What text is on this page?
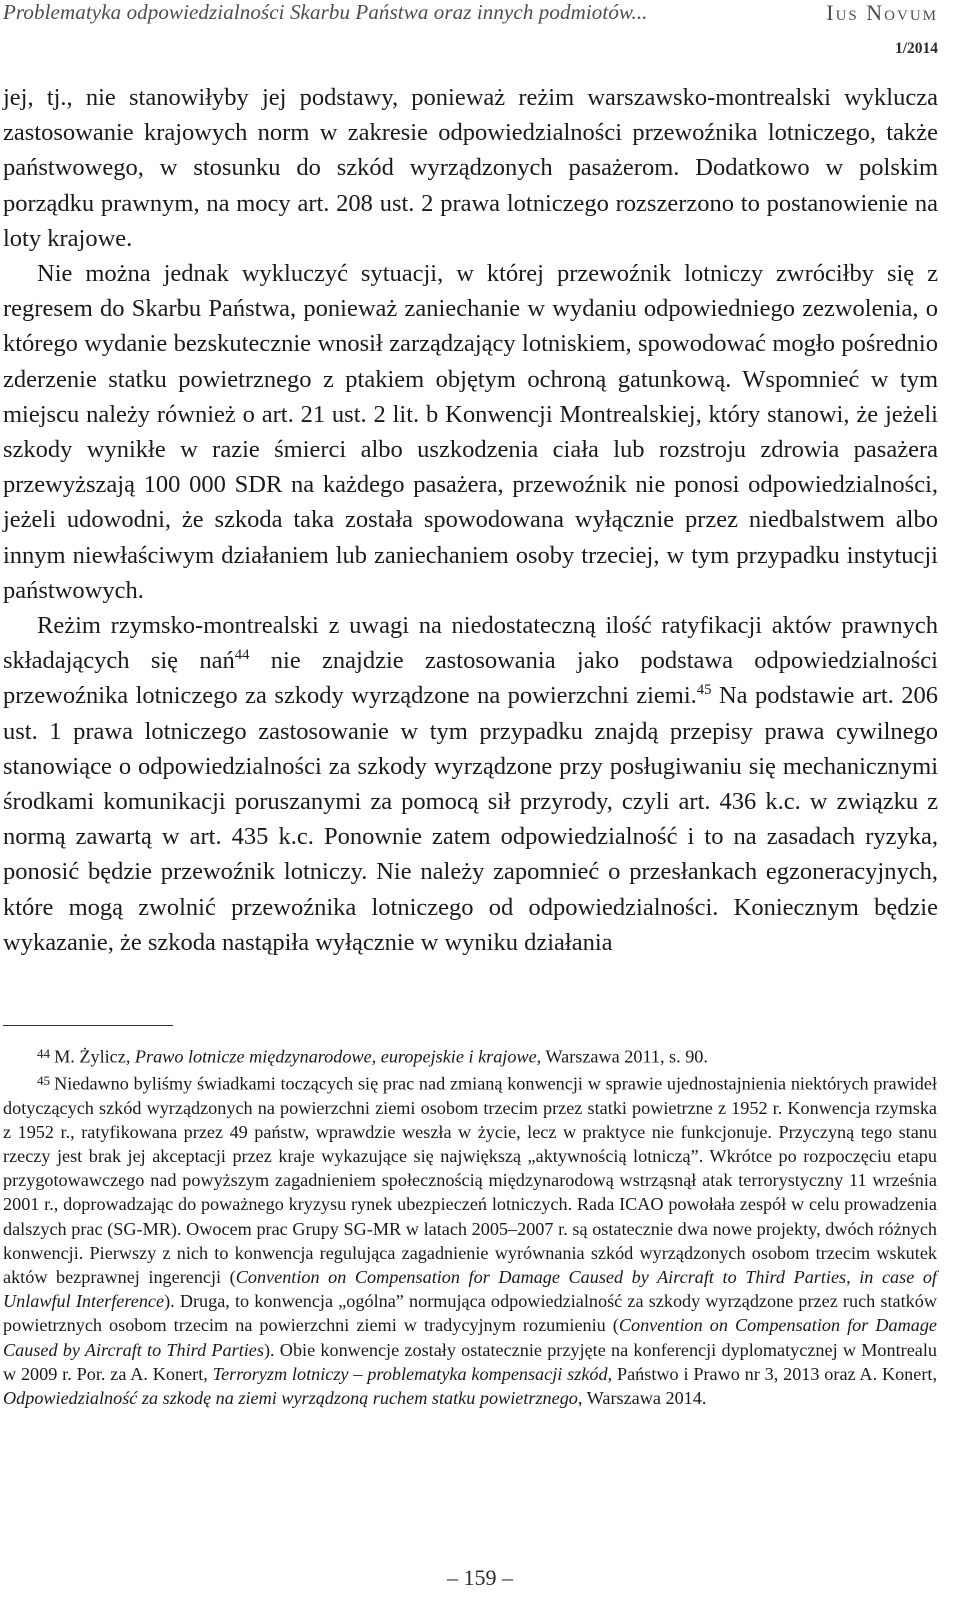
Problematyka odpowiedzialności Skarbu Państwa oraz innych podmiotów...	Ius Novum
1/2014

jej, tj., nie stanowiłyby jej podstawy, ponieważ reżim warszawsko-montrealski wyklucza zastosowanie krajowych norm w zakresie odpowiedzialności przewoźnika lotniczego, także państwowego, w stosunku do szkód wyrządzonych pasażerom. Dodatkowo w polskim porządku prawnym, na mocy art. 208 ust. 2 prawa lotniczego rozszerzono to postanowienie na loty krajowe.

Nie można jednak wykluczyć sytuacji, w której przewoźnik lotniczy zwróciłby się z regresem do Skarbu Państwa, ponieważ zaniechanie w wydaniu odpowiedniego zezwolenia, o którego wydanie bezskutecznie wnosił zarządzający lotniskiem, spowodować mogło pośrednio zderzenie statku powietrznego z ptakiem objętym ochroną gatunkową. Wspomnieć w tym miejscu należy również o art. 21 ust. 2 lit. b Konwencji Montrealskiej, który stanowi, że jeżeli szkody wynikłe w razie śmierci albo uszkodzenia ciała lub rozstroju zdrowia pasażera przewyższają 100 000 SDR na każdego pasażera, przewoźnik nie ponosi odpowiedzialności, jeżeli udowodni, że szkoda taka została spowodowana wyłącznie przez niedbalstwem albo innym niewłaściwym działaniem lub zaniechaniem osoby trzeciej, w tym przypadku instytucji państwowych.

Reżim rzymsko-montrealski z uwagi na niedostateczną ilość ratyfikacji aktów prawnych składających się nań$^{44}$ nie znajdzie zastosowania jako podstawa odpowiedzialności przewoźnika lotniczego za szkody wyrządzone na powierzchni ziemi.$^{45}$ Na podstawie art. 206 ust. 1 prawa lotniczego zastosowanie w tym przypadku znajdą przepisy prawa cywilnego stanowiące o odpowiedzialności za szkody wyrządzone przy posługiwaniu się mechanicznymi środkami komunikacji poruszanymi za pomocą sił przyrody, czyli art. 436 k.c. w związku z normą zawartą w art. 435 k.c. Ponownie zatem odpowiedzialność i to na zasadach ryzyka, ponosić będzie przewoźnik lotniczy. Nie należy zapomnieć o przesłankach egzoneracyjnych, które mogą zwolnić przewoźnika lotniczego od odpowiedzialności. Koniecznym będzie wykazanie, że szkoda nastąpiła wyłącznie w wyniku działania

$^{44}$ M. Żylicz, Prawo lotnicze międzynarodowe, europejskie i krajowe, Warszawa 2011, s. 90.

$^{45}$ Niedawno byliśmy świadkami toczących się prac nad zmianą konwencji w sprawie ujednostajnienia niektórych prawideł dotyczących szkód wyrządzonych na powierzchni ziemi osobom trzecim przez statki powietrzne z 1952 r. Konwencja rzymska z 1952 r., ratyfikowana przez 49 państw, wprawdzie weszła w życie, lecz w praktyce nie funkcjonuje. Przyczyną tego stanu rzeczy jest brak jej akceptacji przez kraje wykazujące się największą „aktywnością lotniczą”. Wkrótce po rozpoczęciu etapu przygotowawczego nad powyższym zagadnieniem społecznością międzynarodową wstrząsnął atak terrorystyczny 11 września 2001 r., doprowadzając do poważnego kryzysu rynek ubezpieczeń lotniczych. Rada ICAO powołała zespół w celu prowadzenia dalszych prac (SG-MR). Owocem prac Grupy SG-MR w latach 2005–2007 r. są ostatecznie dwa nowe projekty, dwóch różnych konwencji. Pierwszy z nich to konwencja regulująca zagadnienie wyrównania szkód wyrządzonych osobom trzecim wskutek aktów bezprawnej ingerencji (Convention on Compensation for Damage Caused by Aircraft to Third Parties, in case of Unlawful Interference). Druga, to konwencja „ogólna” normująca odpowiedzialność za szkody wyrządzone przez ruch statków powietrznych osobom trzecim na powierzchni ziemi w tradycyjnym rozumieniu (Convention on Compensation for Damage Caused by Aircraft to Third Parties). Obie konwencje zostały ostatecznie przyjęte na konferencji dyplomatycznej w Montrealu w 2009 r. Por. za A. Konert, Terroryzm lotniczy – problematyka kompensacji szkód, Państwo i Prawo nr 3, 2013 oraz A. Konert, Odpowiedzialność za szkodę na ziemi wyrządzoną ruchem statku powietrznego, Warszawa 2014.

– 159 –
